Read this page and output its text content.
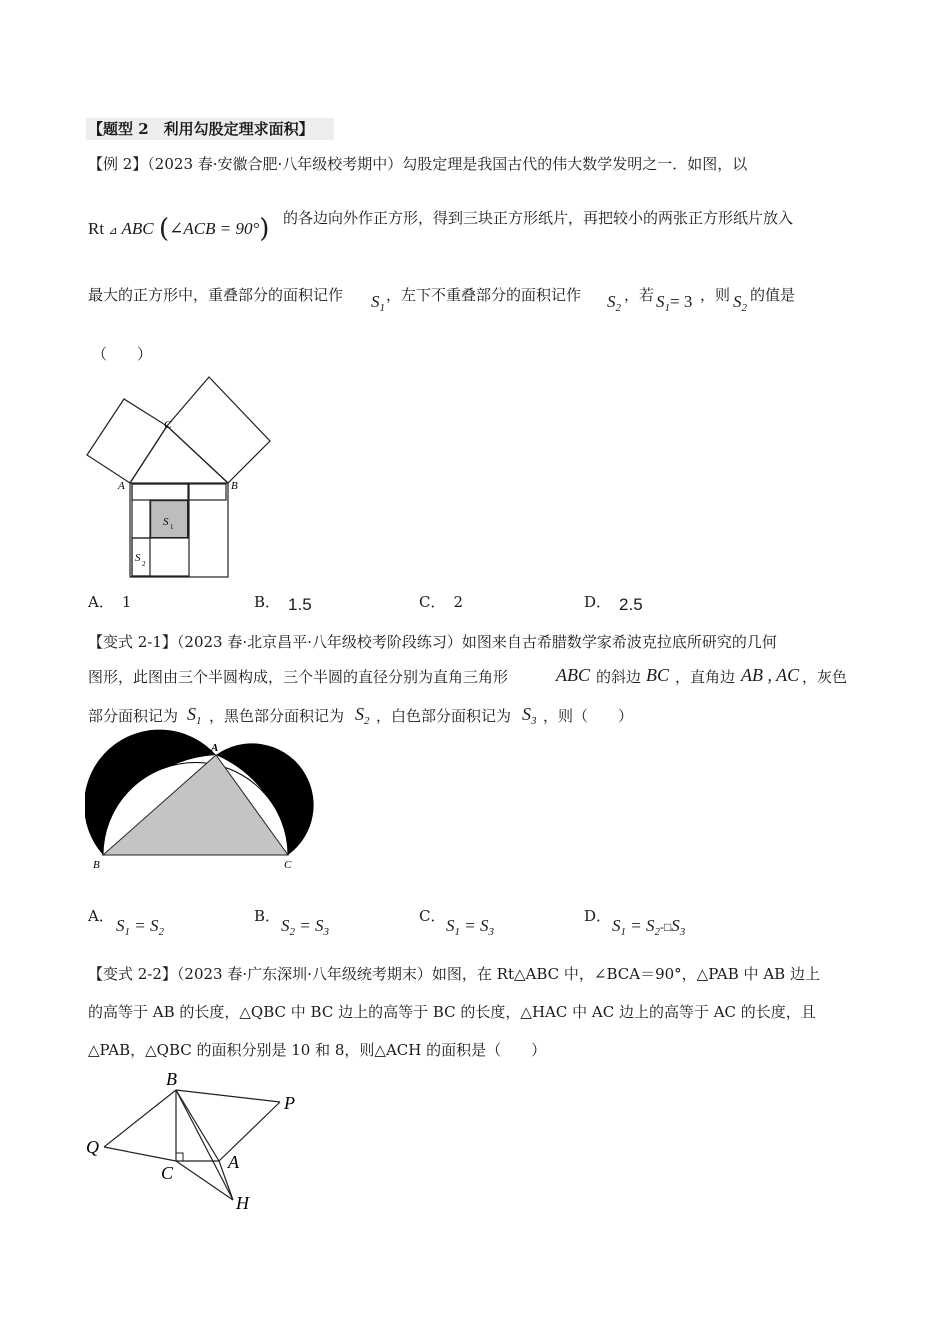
【题型 2　利用勾股定理求面积】
【例 2】（2023 春·安徽合肥·八年级校考期中）勾股定理是我国古代的伟大数学发明之一．如图，以
Rt ⊿ ABC (∠ACB = 90°) 的各边向外作正方形，得到三块正方形纸片，再把较小的两张正方形纸片放入
最大的正方形中，重叠部分的面积记作 $S_1$
，左下不重叠部分的面积记作 $S_2$
，若 $S_1= 3$ ，则 $S_2$
的值是
（　　）
C
A	B
S 1
S 2
A． 1	B． 1.5	C． 2	D． 2.5
【变式 2-1】（2023 春·北京昌平·八年级校考阶段练习）如图来自古希腊数学家希波克拉底所研究的几何
图形，此图由三个半圆构成，三个半圆的直径分别为直角三角形	ABC 的斜边 BC ，直角边 AB , AC ，灰色
部分面积记为 $S_1$ ，黑色部分面积记为 $S_2$ ，白色部分面积记为 $S_3$ ，则（　　）
A
B	C
A． $S_1 = S_2$
B． $S_2 = S_3$
C． $S_1 = S_3$
D． $S_1$ = $S_2-□S_3$
【变式 2-2】（2023 春·广东深圳·八年级统考期末）如图，在 Rt△ABC 中，∠BCA＝90°，△PAB 中 AB 边上
的高等于 AB 的长度，△QBC 中 BC 边上的高等于 BC 的长度，△HAC 中 AC 边上的高等于 AC 的长度，且
△PAB，△QBC 的面积分别是 10 和 8，则△ACH 的面积是（　　）
B
P
Q
C
A
H
